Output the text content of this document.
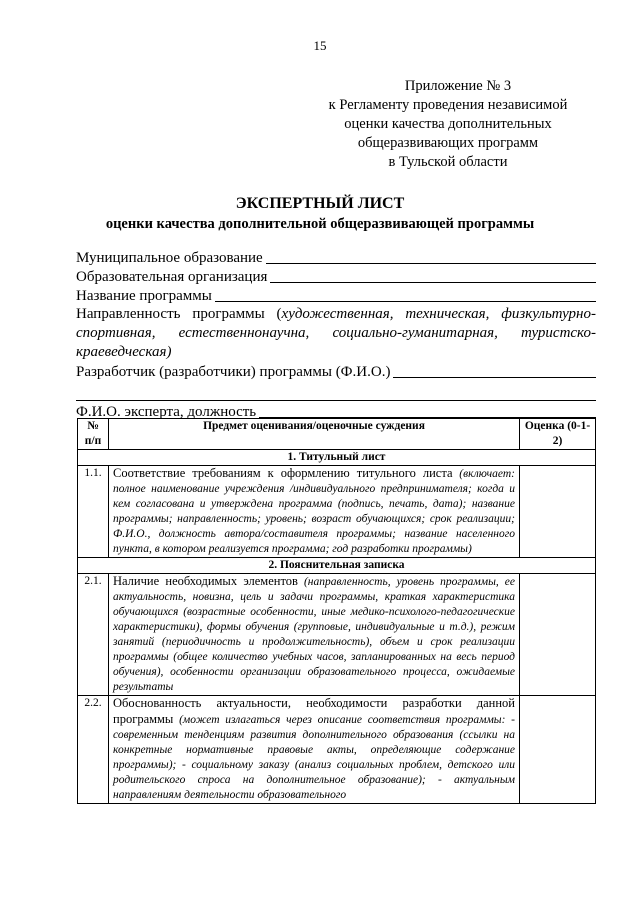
15
Приложение № 3
к Регламенту проведения независимой
оценки качества дополнительных
общеразвивающих программ
в Тульской области
ЭКСПЕРТНЫЙ ЛИСТ
оценки качества дополнительной общеразвивающей программы
Муниципальное образование
Образовательная организация
Название программы
Направленность программы (художественная, техническая, физкультурно-спортивная, естественнонаучна, социально-гуманитарная, туристско-краеведческая)
Разработчик (разработчики) программы (Ф.И.О.)
Ф.И.О. эксперта, должность
№ п/п	Предмет оценивания/оценочные суждения	Оценка (0-1-2)
1. Титульный лист		
1.1.	Соответствие требованиям к оформлению титульного листа (включает: полное наименование учреждения /индивидуального предпринимателя; когда и кем согласована и утверждена программа (подпись, печать, дата); название программы; направленность; уровень; возраст обучающихся; срок реализации; Ф.И.О., должность автора/составителя программы; название населенного пункта, в котором реализуется программа; год разработки программы)	
2. Пояснительная записка		
2.1.	Наличие необходимых элементов (направленность, уровень программы, ее актуальность, новизна, цель и задачи программы, краткая характеристика обучающихся (возрастные особенности, иные медико-психолого-педагогические характеристики), формы обучения (групповые, индивидуальные и т.д.), режим занятий (периодичность и продолжительность), объем и срок реализации программы (общее количество учебных часов, запланированных на весь период обучения), особенности организации образовательного процесса, ожидаемые результаты	
2.2.	Обоснованность актуальности, необходимости разработки данной программы (может излагаться через описание соответствия программы: - современным тенденциям развития дополнительного образования (ссылки на конкретные нормативные правовые акты, определяющие содержание программы); - социальному заказу (анализ социальных проблем, детского или родительского спроса на дополнительное образование); - актуальным направлениям деятельности образовательного	
